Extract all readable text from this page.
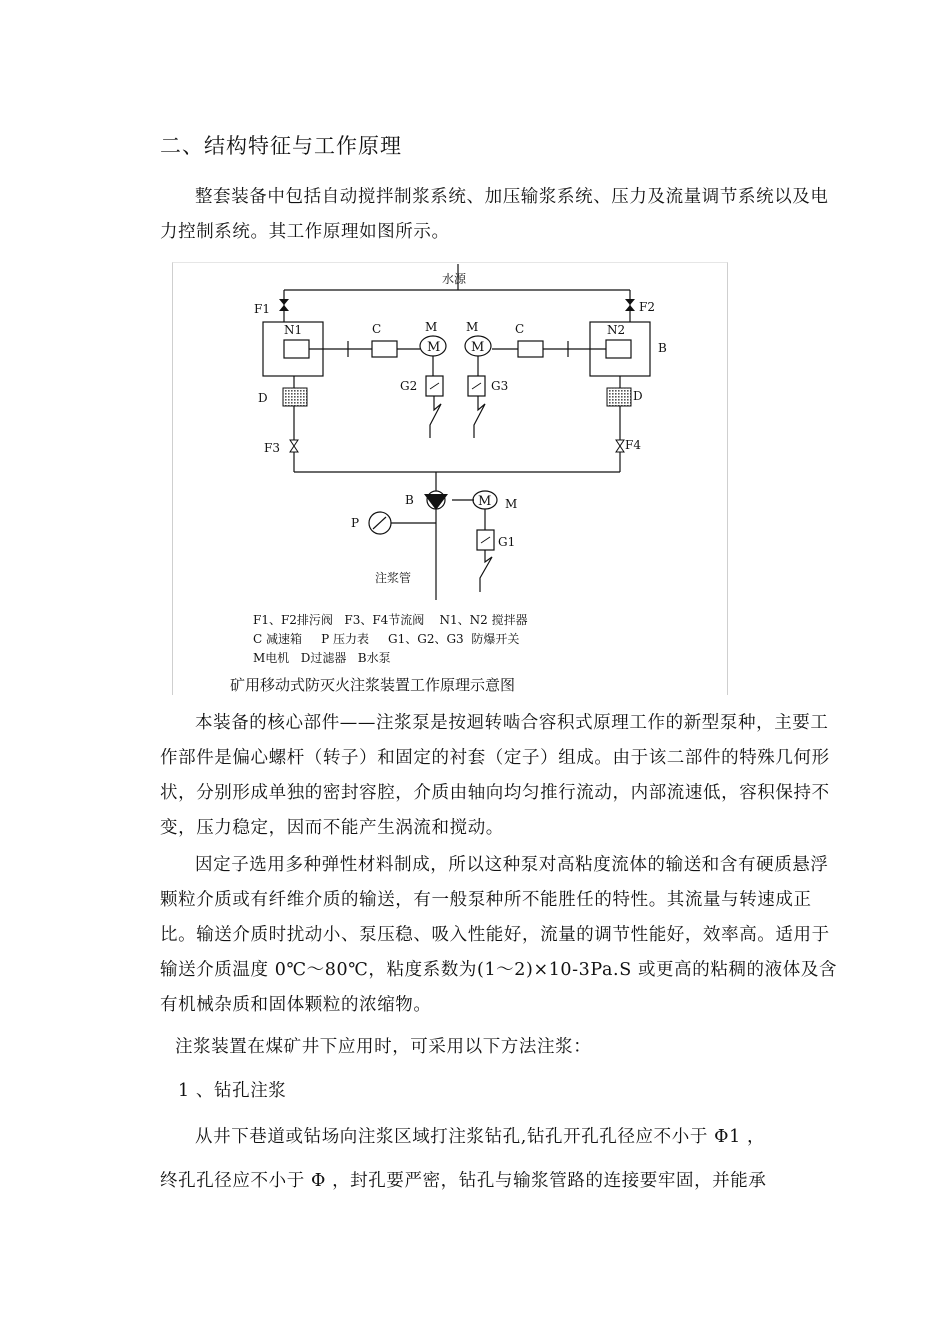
二、结构特征与工作原理
整套装备中包括自动搅拌制浆系统、加压输浆系统、压力及流量调节系统以及电力控制系统。其工作原理如图所示。
水源
F1	F2
N1	N2
C	C
M M
M M	B
G2	G3
D	D
F3	F4
B	M M
P
G1
注浆管
F1、F2排污阀   F3、F4节流阀    N1、N2 搅拌器
C 减速箱     P 压力表     G1、G2、G3  防爆开关
M电机   D过滤器   B水泵
矿用移动式防灭火注浆装置工作原理示意图
本装备的核心部件——注浆泵是按迴转啮合容积式原理工作的新型泵种，主要工作部件是偏心螺杆（转子）和固定的衬套（定子）组成。由于该二部件的特殊几何形状，分别形成单独的密封容腔，介质由轴向均匀推行流动，内部流速低，容积保持不变，压力稳定，因而不能产生涡流和搅动。
因定子选用多种弹性材料制成，所以这种泵对高粘度流体的输送和含有硬质悬浮颗粒介质或有纤维介质的输送，有一般泵种所不能胜任的特性。其流量与转速成正比。输送介质时扰动小、泵压稳、吸入性能好，流量的调节性能好，效率高。适用于输送介质温度 0℃～80℃，粘度系数为(1～2)×10-3Pa.S 或更高的粘稠的液体及含有机械杂质和固体颗粒的浓缩物。
注浆装置在煤矿井下应用时，可采用以下方法注浆：
1 、钻孔注浆
从井下巷道或钻场向注浆区域打注浆钻孔,钻孔开孔孔径应不小于 Φ1 ，
终孔孔径应不小于 Φ ，封孔要严密，钻孔与输浆管路的连接要牢固，并能承
